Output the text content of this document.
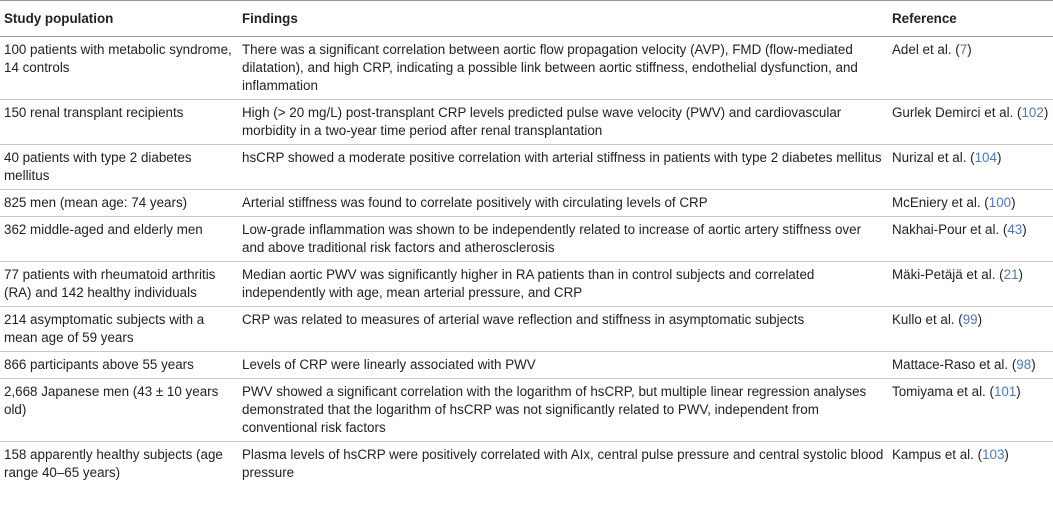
Study population	Findings	Reference
100 patients with metabolic syndrome, 14 controls	There was a significant correlation between aortic flow propagation velocity (AVP), FMD (flow-mediated dilatation), and high CRP, indicating a possible link between aortic stiffness, endothelial dysfunction, and inflammation	Adel et al. (7)
150 renal transplant recipients	High (> 20 mg/L) post-transplant CRP levels predicted pulse wave velocity (PWV) and cardiovascular morbidity in a two-year time period after renal transplantation	Gurlek Demirci et al. (102)
40 patients with type 2 diabetes mellitus	hsCRP showed a moderate positive correlation with arterial stiffness in patients with type 2 diabetes mellitus	Nurizal et al. (104)
825 men (mean age: 74 years)	Arterial stiffness was found to correlate positively with circulating levels of CRP	McEniery et al. (100)
362 middle-aged and elderly men	Low-grade inflammation was shown to be independently related to increase of aortic artery stiffness over and above traditional risk factors and atherosclerosis	Nakhai-Pour et al. (43)
77 patients with rheumatoid arthritis (RA) and 142 healthy individuals	Median aortic PWV was significantly higher in RA patients than in control subjects and correlated independently with age, mean arterial pressure, and CRP	Mäki-Petäjä et al. (21)
214 asymptomatic subjects with a mean age of 59 years	CRP was related to measures of arterial wave reflection and stiffness in asymptomatic subjects	Kullo et al. (99)
866 participants above 55 years	Levels of CRP were linearly associated with PWV	Mattace-Raso et al. (98)
2,668 Japanese men (43 ± 10 years old)	PWV showed a significant correlation with the logarithm of hsCRP, but multiple linear regression analyses demonstrated that the logarithm of hsCRP was not significantly related to PWV, independent from conventional risk factors	Tomiyama et al. (101)
158 apparently healthy subjects (age range 40–65 years)	Plasma levels of hsCRP were positively correlated with AIx, central pulse pressure and central systolic blood pressure	Kampus et al. (103)
